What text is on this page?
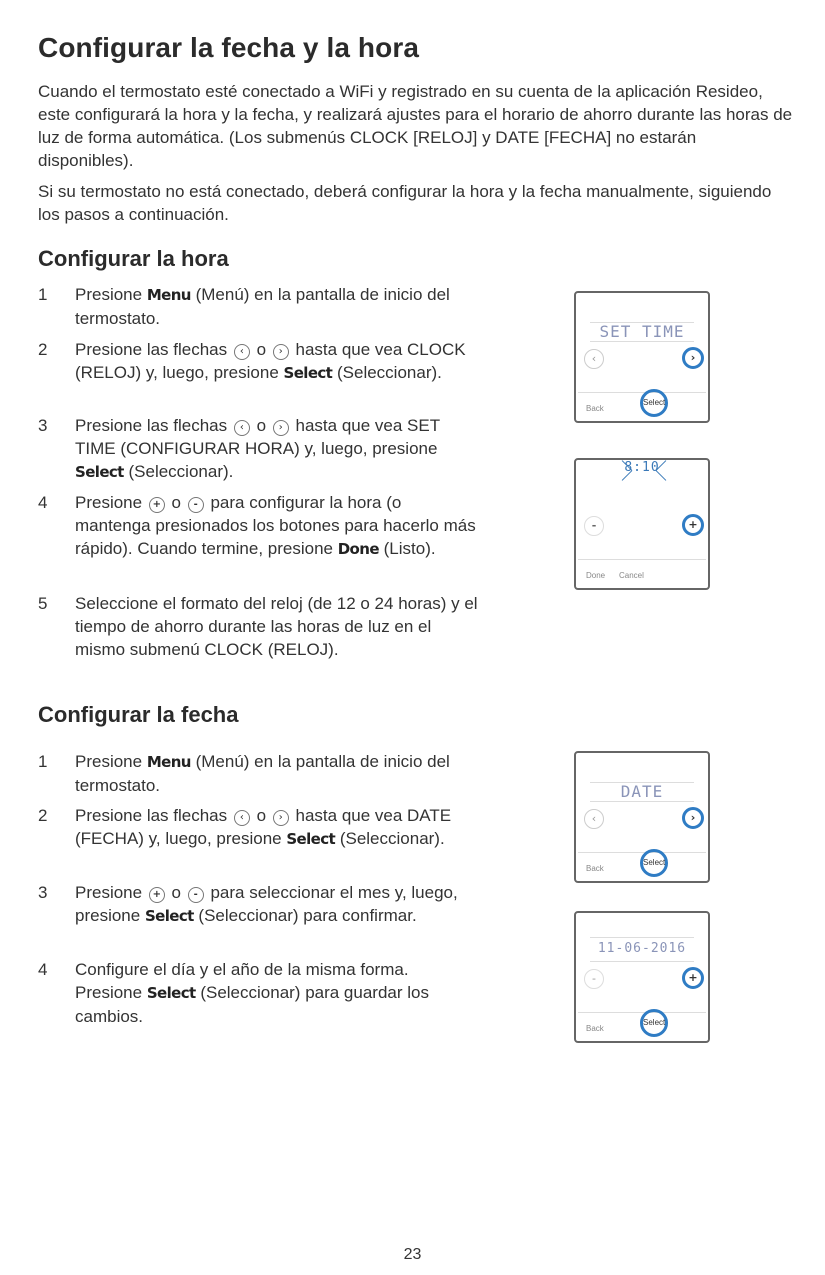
Configurar la fecha y la hora

Cuando el termostato esté conectado a WiFi y registrado en su cuenta de la aplicación Resideo, este configurará la hora y la fecha, y realizará ajustes para el horario de ahorro durante las horas de luz de forma automática. (Los submenús CLOCK [RELOJ] y DATE [FECHA] no estarán disponibles).

Si su termostato no está conectado, deberá configurar la hora y la fecha manualmente, siguiendo los pasos a continuación.

Configurar la hora
1 Presione Menu (Menú) en la pantalla de inicio del termostato.
2 Presione las flechas ‹ o › hasta que vea CLOCK (RELOJ) y, luego, presione Select (Seleccionar).
3 Presione las flechas ‹ o › hasta que vea SET TIME (CONFIGURAR HORA) y, luego, presione Select (Seleccionar).
4 Presione + o - para configurar la hora (o mantenga presionados los botones para hacerlo más rápido). Cuando termine, presione Done (Listo).
5 Seleccione el formato del reloj (de 12 o 24 horas) y el tiempo de ahorro durante las horas de luz en el mismo submenú CLOCK (RELOJ).
Configurar la fecha
1 Presione Menu (Menú) en la pantalla de inicio del termostato.
2 Presione las flechas ‹ o › hasta que vea DATE (FECHA) y, luego, presione Select (Seleccionar).
3 Presione + o - para seleccionar el mes y, luego, presione Select (Seleccionar) para confirmar.
4 Configure el día y el año de la misma forma. Presione Select (Seleccionar) para guardar los cambios.
SET TIME
‹	›
Back
Select
8:10
-	+
Done Cancel
DATE
‹	›
Back
Select
11-06-2016
-	+
Back
Select
23
